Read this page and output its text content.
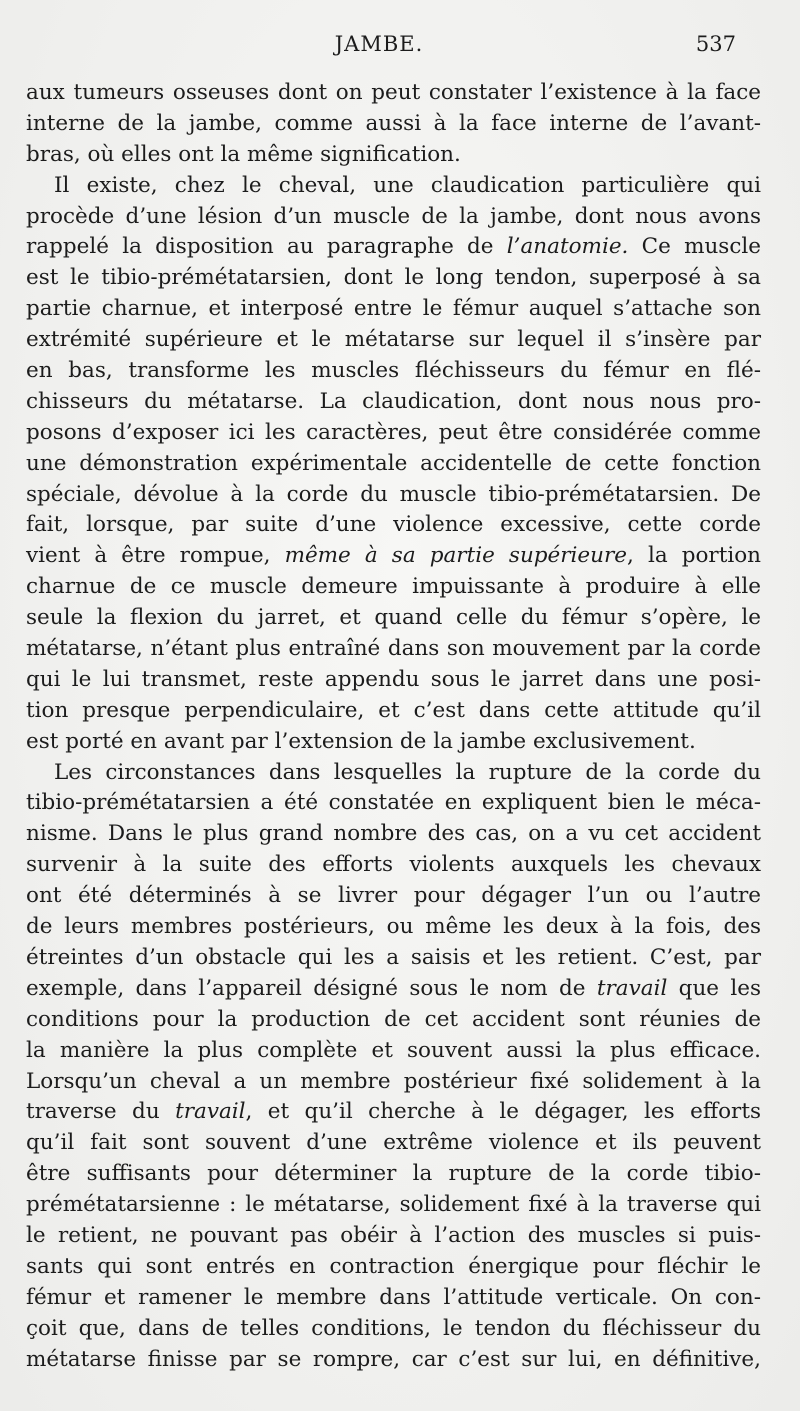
JAMBE.	537
aux tumeurs osseuses dont on peut constater l’existence à la face
interne de la jambe, comme aussi à la face interne de l’avant-
bras, où elles ont la même signification.
Il existe, chez le cheval, une claudication particulière qui
procède d’une lésion d’un muscle de la jambe, dont nous avons
rappelé la disposition au paragraphe de l’anatomie. Ce muscle
est le tibio-prémétatarsien, dont le long tendon, superposé à sa
partie charnue, et interposé entre le fémur auquel s’attache son
extrémité supérieure et le métatarse sur lequel il s’insère par
en bas, transforme les muscles fléchisseurs du fémur en flé-
chisseurs du métatarse. La claudication, dont nous nous pro-
posons d’exposer ici les caractères, peut être considérée comme
une démonstration expérimentale accidentelle de cette fonction
spéciale, dévolue à la corde du muscle tibio-prémétatarsien. De
fait, lorsque, par suite d’une violence excessive, cette corde
vient à être rompue, même à sa partie supérieure, la portion
charnue de ce muscle demeure impuissante à produire à elle
seule la flexion du jarret, et quand celle du fémur s’opère, le
métatarse, n’étant plus entraîné dans son mouvement par la corde
qui le lui transmet, reste appendu sous le jarret dans une posi-
tion presque perpendiculaire, et c’est dans cette attitude qu’il
est porté en avant par l’extension de la jambe exclusivement.
Les circonstances dans lesquelles la rupture de la corde du
tibio-prémétatarsien a été constatée en expliquent bien le méca-
nisme. Dans le plus grand nombre des cas, on a vu cet accident
survenir à la suite des efforts violents auxquels les chevaux
ont été déterminés à se livrer pour dégager l’un ou l’autre
de leurs membres postérieurs, ou même les deux à la fois, des
étreintes d’un obstacle qui les a saisis et les retient. C’est, par
exemple, dans l’appareil désigné sous le nom de travail que les
conditions pour la production de cet accident sont réunies de
la manière la plus complète et souvent aussi la plus efficace.
Lorsqu’un cheval a un membre postérieur fixé solidement à la
traverse du travail, et qu’il cherche à le dégager, les efforts
qu’il fait sont souvent d’une extrême violence et ils peuvent
être suffisants pour déterminer la rupture de la corde tibio-
prémétatarsienne : le métatarse, solidement fixé à la traverse qui
le retient, ne pouvant pas obéir à l’action des muscles si puis-
sants qui sont entrés en contraction énergique pour fléchir le
fémur et ramener le membre dans l’attitude verticale. On con-
çoit que, dans de telles conditions, le tendon du fléchisseur du
métatarse finisse par se rompre, car c’est sur lui, en définitive,
